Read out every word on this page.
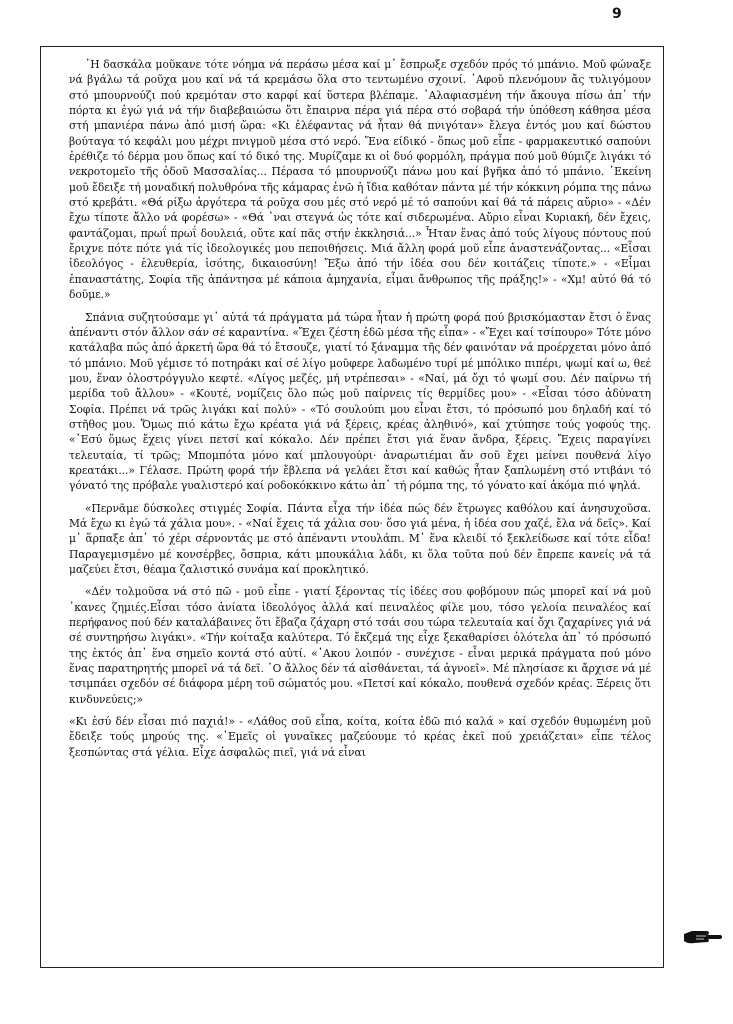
9

᾿Η δασκάλα μοῦκανε τότε νόημα νά περάσω μέσα καί μ᾿ ἔσπρωξε σχεδόν πρός τό μπάνιο. Μοῦ φώναξε νά βγάλω τά ροῦχα μου καί νά τά κρεμάσω ὅλα στο τεντωμένο σχοινί. ᾿Αφοῦ πλενόμουν ἄς τυλιγόμουν στό μπουρνούζι πού κρεμόταν στο καρφί καί ὕστερα βλέπαμε. ᾿Αλαφιασμένη τήν ἄκουγα πίσω ἀπ᾿ τήν πόρτα κι ἐγώ γιά νά τήν διαβεβαιώσω ὅτι ἔπαιρνα πέρα γιά πέρα στό σοβαρά τήν ὑπόθεση κάθησα μέσα στή μπανιέρα πάνω ἀπό μισή ὥρα: «Κι ἐλέφαντας νά ἦταν θά πνιγόταν» ἔλεγα ἐντός μου καί δώστου βούταγα τό κεφάλι μου μέχρι πνιγμοῦ μέσα στό νερό. Ἕνα είδικό - ὅπως μοῦ εἶπε - φαρμακευτικό σαπούνι ἐρέθιζε τό δέρμα μου ὅπως καί τό δικό της. Μυρίζαμε κι οἱ δυό φορμόλη, πράγμα πού μοῦ θύμιζε λιγάκι τό νεκροτομεῖο τῆς ὁδοῦ Μασσαλίας... Πέρασα τό μπουρνούζι πάνω μου καί βγῆκα ἀπό τό μπάνιο. ᾿Εκείνη μοῦ ἔδειξε τή μοναδική πολυθρόνα τῆς κάμαρας ἐνῶ ἡ ἴδια καθόταν πάντα μέ τήν κόκκινη ρόμπα της πάνω στό κρεβάτι. «Θά ρίξω ἀργότερα τά ροῦχα σου μές στό νερό μέ τό σαπούνι καί θά τά πάρεις αὔριο» - «Δέν ἔχω τίποτε ἄλλο νά φορέσω» - «Θά ᾿ναι στεγνά ὡς τότε καί σιδερωμένα. Αὔριο εἶναι Κυριακή, δέν ἔχεις, φαντάζομαι, πρωΐ πρωΐ δουλειά, οὔτε καί πᾶς στήν ἐκκλησιά...» Ἦταν ἕνας ἀπό τούς λίγους πόντους πού ἔριχνε πότε πότε γιά τίς ἰδεολογικές μου πεποιθήσεις. Μιά ἄλλη φορά μοῦ εἶπε ἀναστενάζοντας... «Εἶσαι ἰδεολόγος - ἐλευθερία, ἰσότης, δικαιοσύνη! Ἔξω ἀπό τήν ἰδέα σου δέν κοιτάζεις τίποτε.» - «Εἶμαι ἐπαναστάτης, Σοφία τῆς ἀπάντησα μέ κάποια ἀμηχανία, εἶμαι ἄνθρωπος τῆς πράξης!» - «Χμ! αὐτό θά τό δοῦμε.»

Σπάνια συζητούσαμε γι᾿ αὐτά τά πράγματα μά τώρα ἦταν ἡ πρώτη φορά πού βρισκόμασταν ἔτσι ὁ ἕνας ἀπέναντι στόν ἄλλον σάν σέ καραντίνα. «Ἔχει ζέστη ἐδῶ μέσα τῆς εἶπα» - «Ἔχει καί τσίπουρο» Τότε μόνο κατάλαβα πώς ἀπό ἀρκετή ὥρα θά τό ἔτσουζε, γιατί τό ξάναμμα τῆς δέν φαινόταν νά προέρχεται μόνο ἀπό τό μπάνιο. Μοῦ γέμισε τό ποτηράκι καί σέ λίγο μοῦφερε λαδωμένο τυρί μέ μπόλικο πιπέρι, ψωμί καί ω, θεέ μου, ἕναν ὀλοστρόγγυλο κεφτέ. «Λίγος μεζές, μή ντρέπεσαι» - «Ναί, μά ὄχι τό ψωμί σου. Δέν παίρνω τή μερίδα τοῦ ἄλλου» - «Κουτέ, νομίζεις ὅλο πώς μοῦ παίρνεις τίς θερμίδες μου» - «Εἶσαι τόσο ἀδύνατη Σοφία. Πρέπει νά τρῶς λιγάκι καί πολύ» - «Τό σουλούπι μου εἶναι ἔτσι, τό πρόσωπό μου δηλαδή καί τό στῆθος μου. Ὅμως πιό κάτω ἔχω κρέατα γιά νά ξέρεις, κρέας ἀληθινό», καί χτύπησε τούς γοφούς της. «᾿Εσύ ὅμως ἔχεις γίνει πετσί καί κόκαλο. Δέν πρέπει ἔτσι γιά ἕναν ἄνδρα, ξέρεις. Ἔχεις παραγίνει τελευταία, τί τρῶς; Μπομπότα μόνο καί μπλουγούρι· ἀναρωτιέμαι ἄν σοῦ ἔχει μείνει πουθενά λίγο κρεατάκι...» Γέλασε. Πρώτη φορά τήν ἔβλεπα νά γελάει ἔτσι καί καθώς ἦταν ξαπλωμένη στό ντιβάνι τό γόνατό της πρόβαλε γυαλιστερό καί ροδοκόκκινο κάτω ἀπ᾿ τή ρόμπα της, τό γόνατο καί ἀκόμα πιό ψηλά.

«Περνᾶμε δύσκολες στιγμές Σοφία. Πάντα εἶχα τήν ἰδέα πώς δέν ἔτρωγες καθόλου καί ἀνησυχοῦσα. Μά ἔχω κι ἐγώ τά χάλια μου». - «Ναί ἔχεις τά χάλια σου· ὅσο γιά μένα, ἡ ἰδέα σου χαζέ, ἔλα νά δεῖς». Καί μ᾿ ἅρπαξε ἀπ᾿ τό χέρι σέρνοντάς με στό ἀπέναντι ντουλάπι. Μ᾿ ἕνα κλειδί τό ξεκλείδωσε καί τότε εἶδα! Παραγεμισμένο μέ κονσέρβες, ὄσπρια, κάτι μπουκάλια λάδι, κι ὅλα τοῦτα πού δέν ἔπρεπε κανείς νά τά μαζεύει ἔτσι, θέαμα ζαλιστικό συνάμα καί προκλητικό.

«Δέν τολμοῦσα νά στό πῶ - μοῦ εἶπε - γιατί ξέροντας τίς ἰδέες σου φοβόμουν πώς μπορεῖ καί νά μοῦ ᾿κανες ζημιές.Εἶσαι τόσο ἀνίατα ἰδεολόγος ἀλλά καί πειναλέος φίλε μου, τόσο γελοία πειναλέος καί περήφανος πού δέν καταλάβαινες ὅτι ἔβαζα ζάχαρη στό τσάι σου τώρα τελευταία καί ὄχι ζαχαρίνες γιά νά σέ συντηρήσω λιγάκι». «Τήν κοίταξα καλύτερα. Τό ἔκζεμά της εἶχε ξεκαθαρίσει ὁλότελα ἀπ᾿ τό πρόσωπό της ἐκτός ἀπ᾿ ἕνα σημεῖο κοντά στό αὐτί. «᾿Ακου λοιπόν - συνέχισε - εἶναι μερικά πράγματα πού μόνο ἕνας παρατηρητής μπορεῖ νά τά δεῖ. ᾿Ο ἄλλος δέν τά αἰσθάνεται, τά ἀγνοεῖ». Μέ πλησίασε κι ἄρχισε νά μέ τσιμπάει σχεδόν σέ διάφορα μέρη τοῦ σώματός μου. «Πετσί καί κόκαλο, πουθενά σχεδόν κρέας. Ξέρεις ὅτι κινδυνεύεις;»

«Κι ἐσύ δέν εἶσαι πιό παχιά!» - «Λάθος σοῦ εἶπα, κοίτα, κοίτα ἐδῶ πιό καλά » καί σχεδόν θυμωμένη μοῦ ἔδειξε τούς μηρούς της. «᾿Εμεῖς οἱ γυναῖκες μαζεύουμε τό κρέας ἐκεῖ πού χρειάζεται» εἶπε τέλος ξεσπώντας στά γέλια. Εἶχε ἀσφαλῶς πιεῖ, γιά νά εἶναι
